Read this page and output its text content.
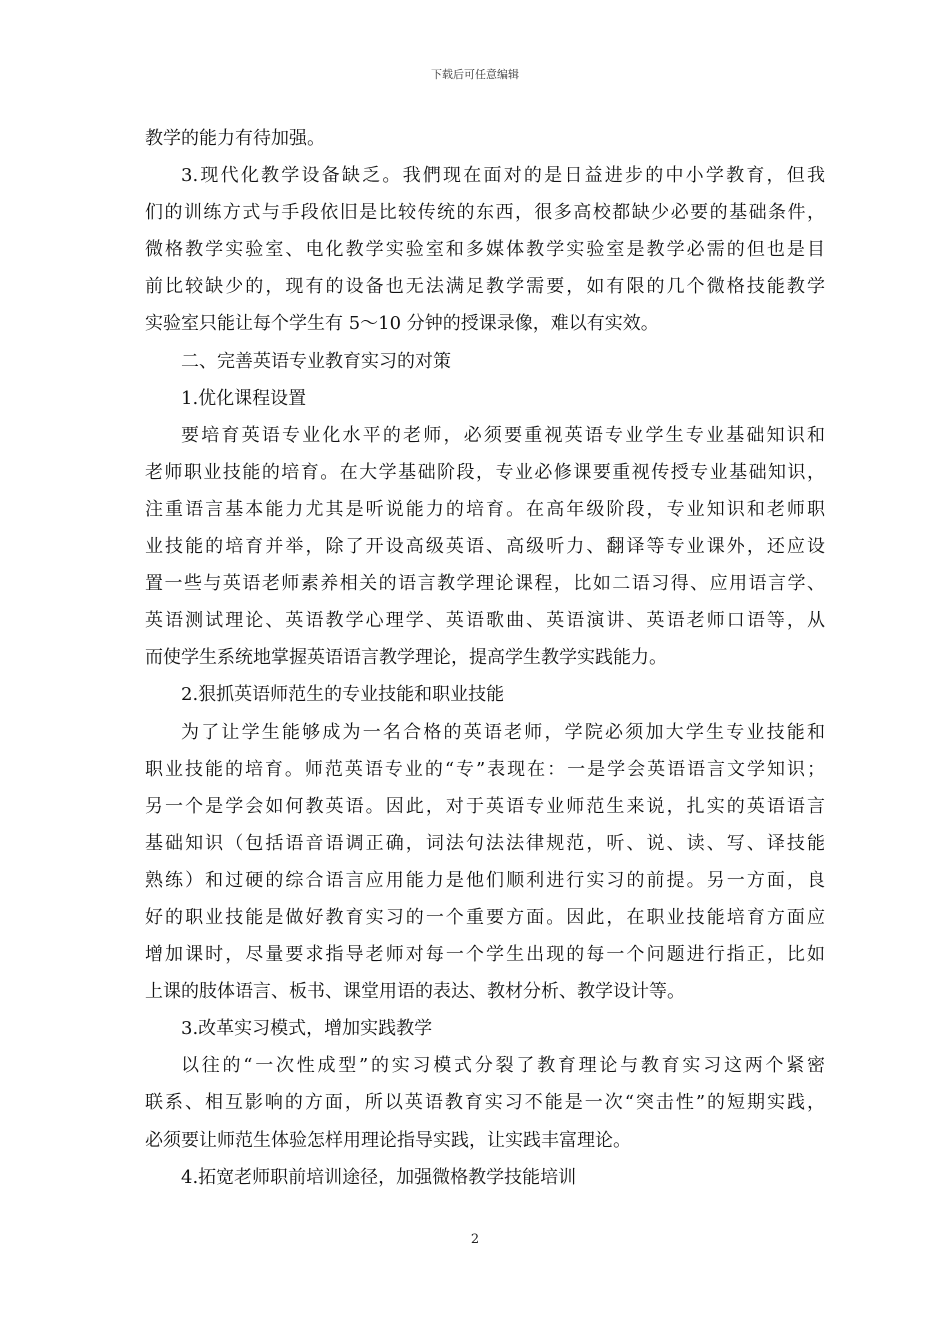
下载后可任意编辑
教学的能力有待加强。
3.现代化教学设备缺乏。我們现在面对的是日益进步的中小学教育，但我
们的训练方式与手段依旧是比较传统的东西，很多高校都缺少必要的基础条件，
微格教学实验室、电化教学实验室和多媒体教学实验室是教学必需的但也是目
前比较缺少的，现有的设备也无法满足教学需要，如有限的几个微格技能教学
实验室只能让每个学生有 5～10 分钟的授课录像，难以有实效。
二、完善英语专业教育实习的对策
1.优化课程设置
要培育英语专业化水平的老师，必须要重视英语专业学生专业基础知识和
老师职业技能的培育。在大学基础阶段，专业必修课要重视传授专业基础知识，
注重语言基本能力尤其是听说能力的培育。在高年级阶段，专业知识和老师职
业技能的培育并举，除了开设高级英语、高级听力、翻译等专业课外，还应设
置一些与英语老师素养相关的语言教学理论课程，比如二语习得、应用语言学、
英语测试理论、英语教学心理学、英语歌曲、英语演讲、英语老师口语等，从
而使学生系统地掌握英语语言教学理论，提高学生教学实践能力。
2.狠抓英语师范生的专业技能和职业技能
为了让学生能够成为一名合格的英语老师，学院必须加大学生专业技能和
职业技能的培育。师范英语专业的“专”表现在：一是学会英语语言文学知识；
另一个是学会如何教英语。因此，对于英语专业师范生来说，扎实的英语语言
基础知识（包括语音语调正确，词法句法法律规范，听、说、读、写、译技能
熟练）和过硬的综合语言应用能力是他们顺利进行实习的前提。另一方面，良
好的职业技能是做好教育实习的一个重要方面。因此，在职业技能培育方面应
增加课时，尽量要求指导老师对每一个学生出现的每一个问题进行指正，比如
上课的肢体语言、板书、课堂用语的表达、教材分析、教学设计等。
3.改革实习模式，增加实践教学
以往的“一次性成型”的实习模式分裂了教育理论与教育实习这两个紧密
联系、相互影响的方面，所以英语教育实习不能是一次“突击性”的短期实践，
必须要让师范生体验怎样用理论指导实践，让实践丰富理论。
4.拓宽老师职前培训途径，加强微格教学技能培训
2
